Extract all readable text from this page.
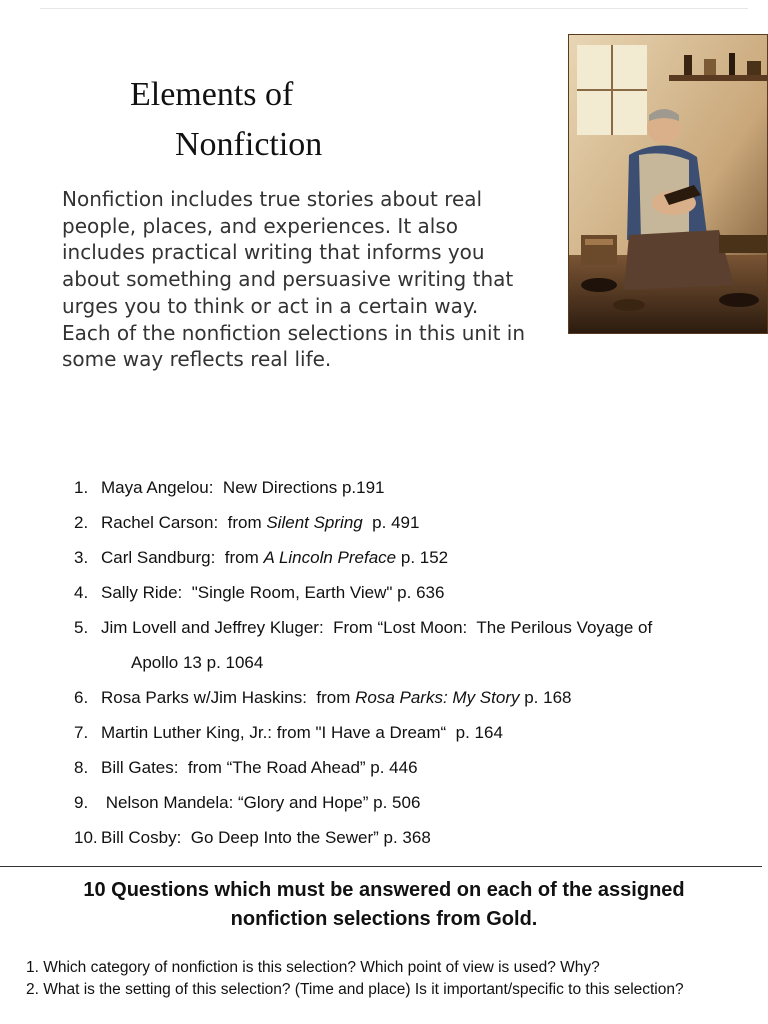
Elements of
Nonfiction
Nonfiction includes true stories about real people, places, and experiences. It also includes practical writing that informs you about something and persuasive writing that urges you to think or act in a certain way. Each of the nonfiction selections in this unit in some way reflects real life.
1. Maya Angelou:  New Directions p.191
2. Rachel Carson:  from Silent Spring  p. 491
3. Carl Sandburg:  from A Lincoln Preface p. 152
4. Sally Ride:  "Single Room, Earth View" p. 636
5. Jim Lovell and Jeffrey Kluger:  From “Lost Moon:  The Perilous Voyage of
Apollo 13 p. 1064
6. Rosa Parks w/Jim Haskins:  from Rosa Parks: My Story p. 168
7. Martin Luther King, Jr.: from "I Have a Dream“  p. 164
8. Bill Gates:  from “The Road Ahead” p. 446
9. Nelson Mandela: “Glory and Hope” p. 506
10. Bill Cosby:  Go Deep Into the Sewer” p. 368
10 Questions which must be answered on each of the assigned
nonfiction selections from Gold.
1. Which category of nonfiction is this selection? Which point of view is used? Why?
2. What is the setting of this selection? (Time and place) Is it important/specific to this selection?
